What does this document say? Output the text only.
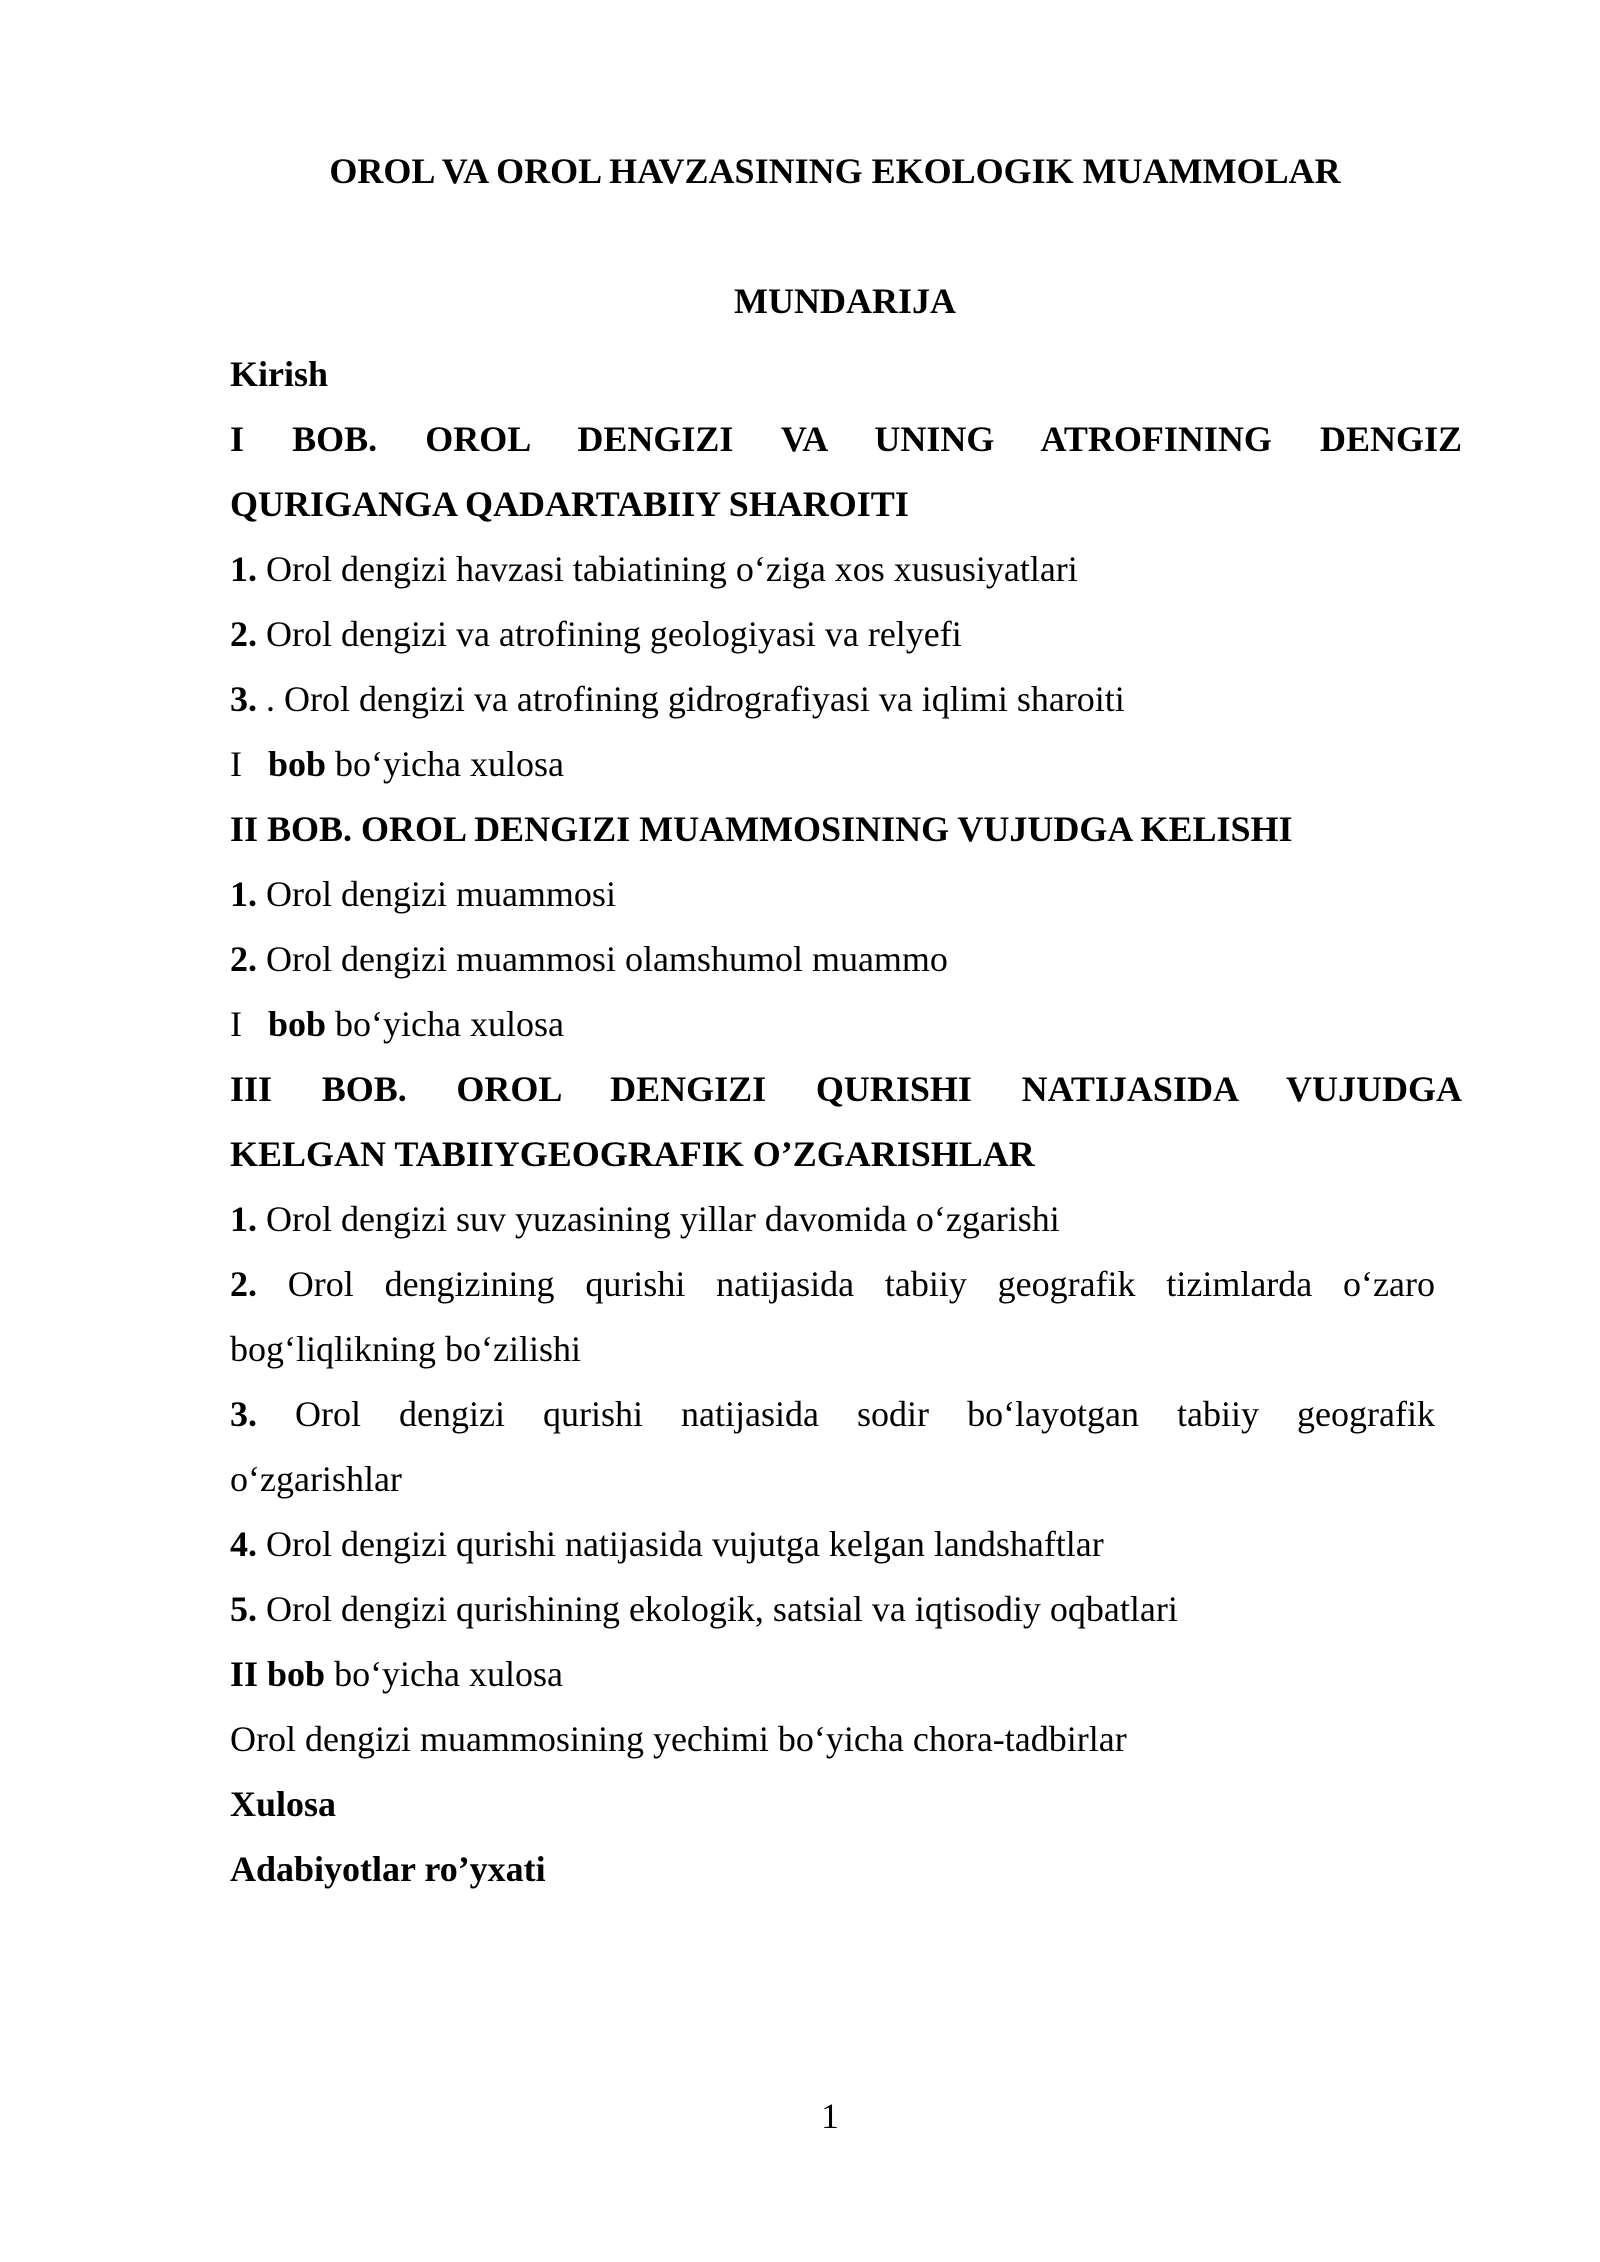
OROL VA OROL HAVZASINING EKOLOGIK MUAMMOLAR
MUNDARIJA
Kirish
I BOB. OROL DENGIZI VA UNING ATROFINING DENGIZ
QURIGANGA QADARTABIIY SHAROITI
1. Orol dengizi havzasi tabiatining o‘ziga xos xususiyatlari
2. Orol dengizi va atrofining geologiyasi va relyefi
3. . Orol dengizi va atrofining gidrografiyasi va iqlimi sharoiti
I bob bo‘yicha xulosa
II BOB. OROL DENGIZI MUAMMOSINING VUJUDGA KELISHI
1. Orol dengizi muammosi
2. Orol dengizi muammosi olamshumol muammo
I bob bo‘yicha xulosa
III BOB. OROL DENGIZI QURISHI NATIJASIDA VUJUDGA
KELGAN TABIIYGEOGRAFIK O’ZGARISHLAR
1. Orol dengizi suv yuzasining yillar davomida o‘zgarishi
2. Orol dengizining qurishi natijasida tabiiy geografik tizimlarda o‘zaro
bog‘liqlikning bo‘zilishi
3. Orol dengizi qurishi natijasida sodir bo‘layotgan tabiiy geografik
o‘zgarishlar
4. Orol dengizi qurishi natijasida vujutga kelgan landshaftlar
5. Orol dengizi qurishining ekologik, satsial va iqtisodiy oqbatlari
II bob bo‘yicha xulosa
Orol dengizi muammosining yechimi bo‘yicha chora-tadbirlar
Xulosa
Adabiyotlar ro’yxati
1
